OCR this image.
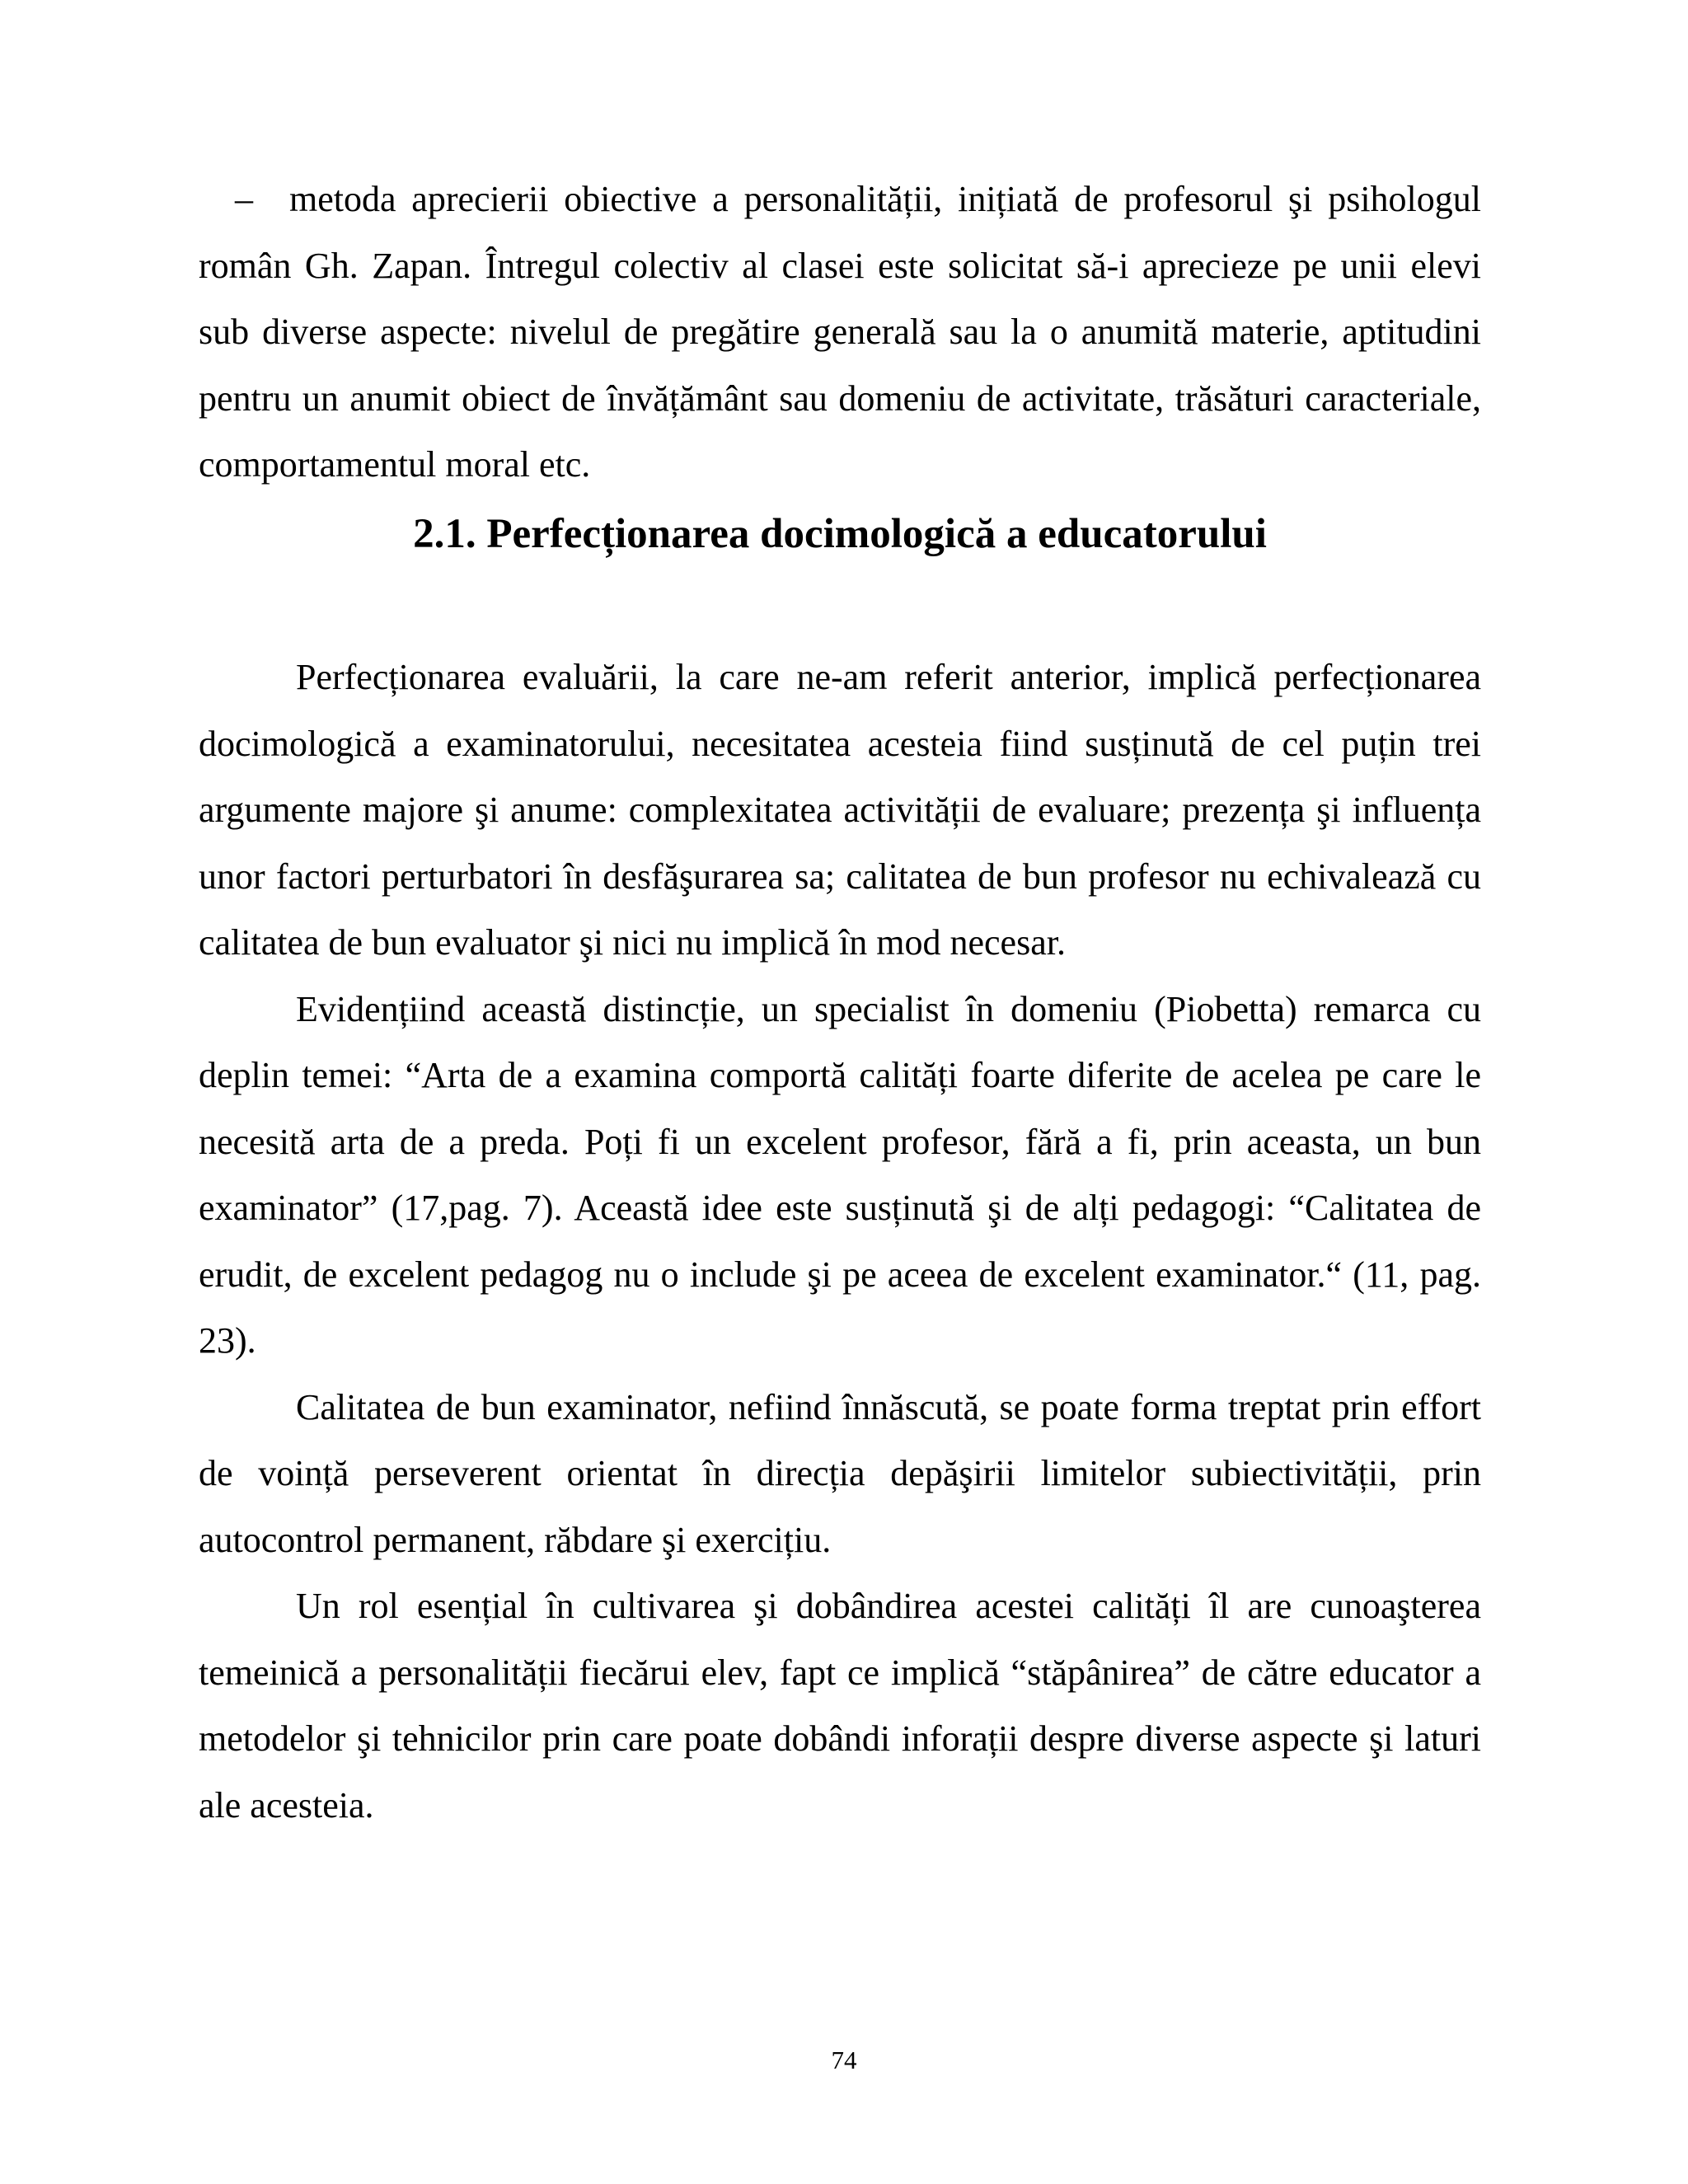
– metoda aprecierii obiective a personalității, inițiată de profesorul şi psihologul român Gh. Zapan. Întregul colectiv al clasei este solicitat să-i aprecieze pe unii elevi sub diverse aspecte: nivelul de pregătire generală sau la o anumită materie, aptitudini pentru un anumit obiect de învățământ sau domeniu de activitate, trăsături caracteriale, comportamentul moral etc.

2.1. Perfecționarea docimologică a educatorului

Perfecționarea evaluării, la care ne-am referit anterior, implică perfecționarea docimologică a examinatorului, necesitatea acesteia fiind susținută de cel puțin trei argumente majore şi anume: complexitatea activității de evaluare; prezența şi influența unor factori perturbatori în desfăşurarea sa; calitatea de bun profesor nu echivalează cu calitatea de bun evaluator şi nici nu implică în mod necesar.

Evidențiind această distincție, un specialist în domeniu (Piobetta) remarca cu deplin temei: “Arta de a examina comportă calități foarte diferite de acelea pe care le necesită arta de a preda. Poți fi un excelent profesor, fără a fi, prin aceasta, un bun examinator” (17,pag. 7). Această idee este susținută şi de alți pedagogi: “Calitatea de erudit, de excelent pedagog nu o include şi pe aceea de excelent examinator.“ (11, pag. 23).

Calitatea de bun examinator, nefiind înnăscută, se poate forma treptat prin effort de voință perseverent orientat în direcția depăşirii limitelor subiectivității, prin autocontrol permanent, răbdare şi exercițiu.

Un rol esențial în cultivarea şi dobândirea acestei calități îl are cunoaşterea temeinică a personalității fiecărui elev, fapt ce implică “stăpânirea” de către educator a metodelor şi tehnicilor prin care poate dobândi inforații despre diverse aspecte şi laturi ale acesteia.

74
